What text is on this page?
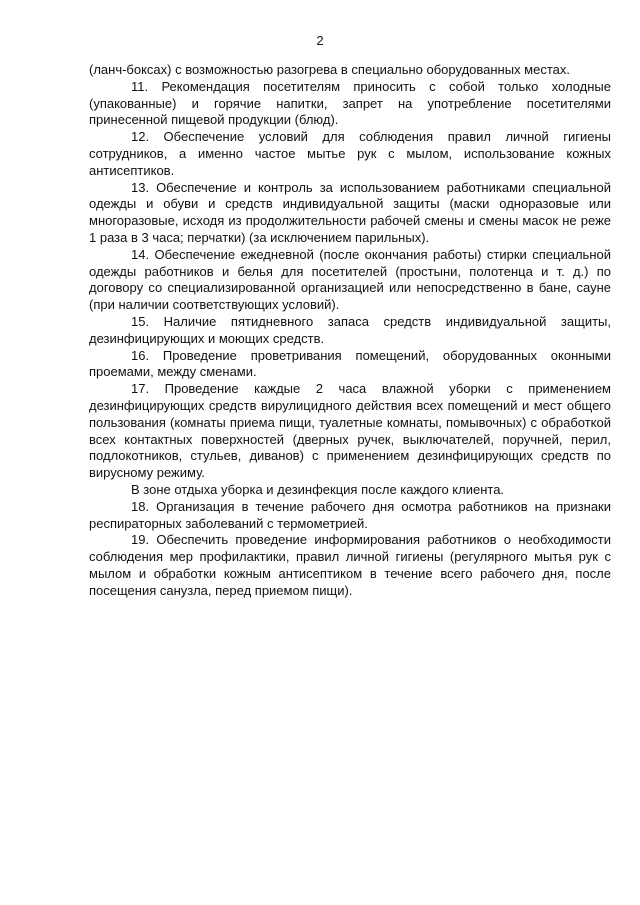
2

(ланч-боксах) с возможностью разогрева в специально оборудованных местах.

11. Рекомендация посетителям приносить с собой только холодные (упакованные) и горячие напитки, запрет на употребление посетителями принесенной пищевой продукции (блюд).

12. Обеспечение условий для соблюдения правил личной гигиены сотрудников, а именно частое мытье рук с мылом, использование кожных антисептиков.

13. Обеспечение и контроль за использованием работниками специальной одежды и обуви и средств индивидуальной защиты (маски одноразовые или многоразовые, исходя из продолжительности рабочей смены и смены масок не реже 1 раза в 3 часа; перчатки) (за исключением парильных).

14. Обеспечение ежедневной (после окончания работы) стирки специальной одежды работников и белья для посетителей (простыни, полотенца и т. д.) по договору со специализированной организацией или непосредственно в бане, сауне (при наличии соответствующих условий).

15. Наличие пятидневного запаса средств индивидуальной защиты, дезинфицирующих и моющих средств.

16. Проведение проветривания помещений, оборудованных оконными проемами, между сменами.

17. Проведение каждые 2 часа влажной уборки с применением дезинфицирующих средств вирулицидного действия всех помещений и мест общего пользования (комнаты приема пищи, туалетные комнаты, помывочных) с обработкой всех контактных поверхностей (дверных ручек, выключателей, поручней, перил, подлокотников, стульев, диванов) с применением дезинфицирующих средств по вирусному режиму.

В зоне отдыха уборка и дезинфекция после каждого клиента.

18. Организация в течение рабочего дня осмотра работников на признаки респираторных заболеваний с термометрией.

19. Обеспечить проведение информирования работников о необходимости соблюдения мер профилактики, правил личной гигиены (регулярного мытья рук с мылом и обработки кожным антисептиком в течение всего рабочего дня, после посещения санузла, перед приемом пищи).
